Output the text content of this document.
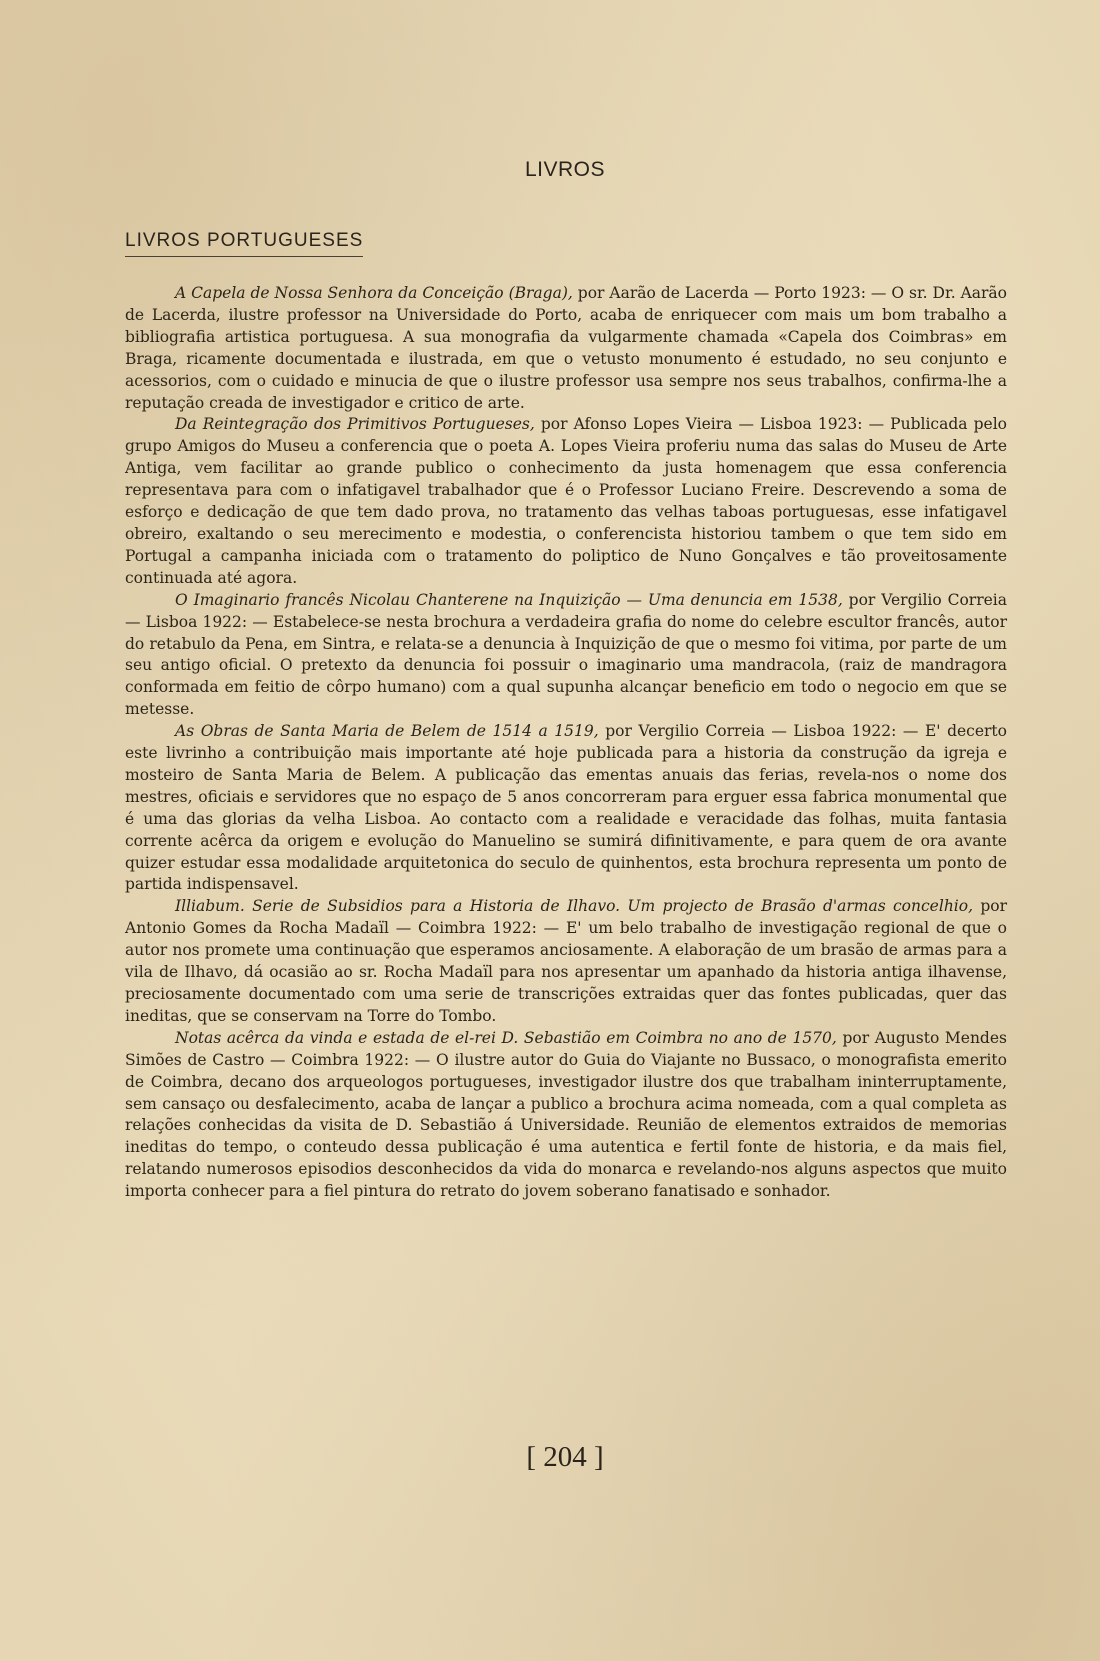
LIVROS
LIVROS PORTUGUESES

A Capela de Nossa Senhora da Conceição (Braga), por Aarão de Lacerda — Porto 1923: — O sr. Dr. Aarão de Lacerda, ilustre professor na Universidade do Porto, acaba de enriquecer com mais um bom trabalho a bibliografia artistica portuguesa. A sua monografia da vulgarmente chamada «Capela dos Coimbras» em Braga, ricamente documentada e ilustrada, em que o vetusto monumento é estudado, no seu conjunto e acessorios, com o cuidado e minucia de que o ilustre professor usa sempre nos seus trabalhos, confirma-lhe a reputação creada de investigador e critico de arte.

Da Reintegração dos Primitivos Portugueses, por Afonso Lopes Vieira — Lisboa 1923: — Publicada pelo grupo Amigos do Museu a conferencia que o poeta A. Lopes Vieira proferiu numa das salas do Museu de Arte Antiga, vem facilitar ao grande publico o conhecimento da justa homenagem que essa conferencia representava para com o infatigavel trabalhador que é o Professor Luciano Freire. Descrevendo a soma de esforço e dedicação de que tem dado prova, no tratamento das velhas taboas portuguesas, esse infatigavel obreiro, exaltando o seu merecimento e modestia, o conferencista historiou tambem o que tem sido em Portugal a campanha iniciada com o tratamento do poliptico de Nuno Gonçalves e tão proveitosamente continuada até agora.

O Imaginario francês Nicolau Chanterene na Inquizição — Uma denuncia em 1538, por Vergilio Correia — Lisboa 1922: — Estabelece-se nesta brochura a verdadeira grafia do nome do celebre escultor francês, autor do retabulo da Pena, em Sintra, e relata-se a denuncia à Inquizição de que o mesmo foi vitima, por parte de um seu antigo oficial. O pretexto da denuncia foi possuir o imaginario uma mandracola, (raiz de mandragora conformada em feitio de côrpo humano) com a qual supunha alcançar beneficio em todo o negocio em que se metesse.

As Obras de Santa Maria de Belem de 1514 a 1519, por Vergilio Correia — Lisboa 1922: — E' decerto este livrinho a contribuição mais importante até hoje publicada para a historia da construção da igreja e mosteiro de Santa Maria de Belem. A publicação das ementas anuais das ferias, revela-nos o nome dos mestres, oficiais e servidores que no espaço de 5 anos concorreram para erguer essa fabrica monumental que é uma das glorias da velha Lisboa. Ao contacto com a realidade e veracidade das folhas, muita fantasia corrente acêrca da origem e evolução do Manuelino se sumirá difinitivamente, e para quem de ora avante quizer estudar essa modalidade arquitetonica do seculo de quinhentos, esta brochura representa um ponto de partida indispensavel.

Illiabum. Serie de Subsidios para a Historia de Ilhavo. Um projecto de Brasão d'armas concelhio, por Antonio Gomes da Rocha Madaïl — Coimbra 1922: — E' um belo trabalho de investigação regional de que o autor nos promete uma continuação que esperamos anciosamente. A elaboração de um brasão de armas para a vila de Ilhavo, dá ocasião ao sr. Rocha Madaïl para nos apresentar um apanhado da historia antiga ilhavense, preciosamente documentado com uma serie de transcrições extraidas quer das fontes publicadas, quer das ineditas, que se conservam na Torre do Tombo.

Notas acêrca da vinda e estada de el-rei D. Sebastião em Coimbra no ano de 1570, por Augusto Mendes Simões de Castro — Coimbra 1922: — O ilustre autor do Guia do Viajante no Bussaco, o monografista emerito de Coimbra, decano dos arqueologos portugueses, investigador ilustre dos que trabalham ininterruptamente, sem cansaço ou desfalecimento, acaba de lançar a publico a brochura acima nomeada, com a qual completa as relações conhecidas da visita de D. Sebastião á Universidade. Reunião de elementos extraidos de memorias ineditas do tempo, o conteudo dessa publicação é uma autentica e fertil fonte de historia, e da mais fiel, relatando numerosos episodios desconhecidos da vida do monarca e revelando-nos alguns aspectos que muito importa conhecer para a fiel pintura do retrato do jovem soberano fanatisado e sonhador.

[ 204 ]
